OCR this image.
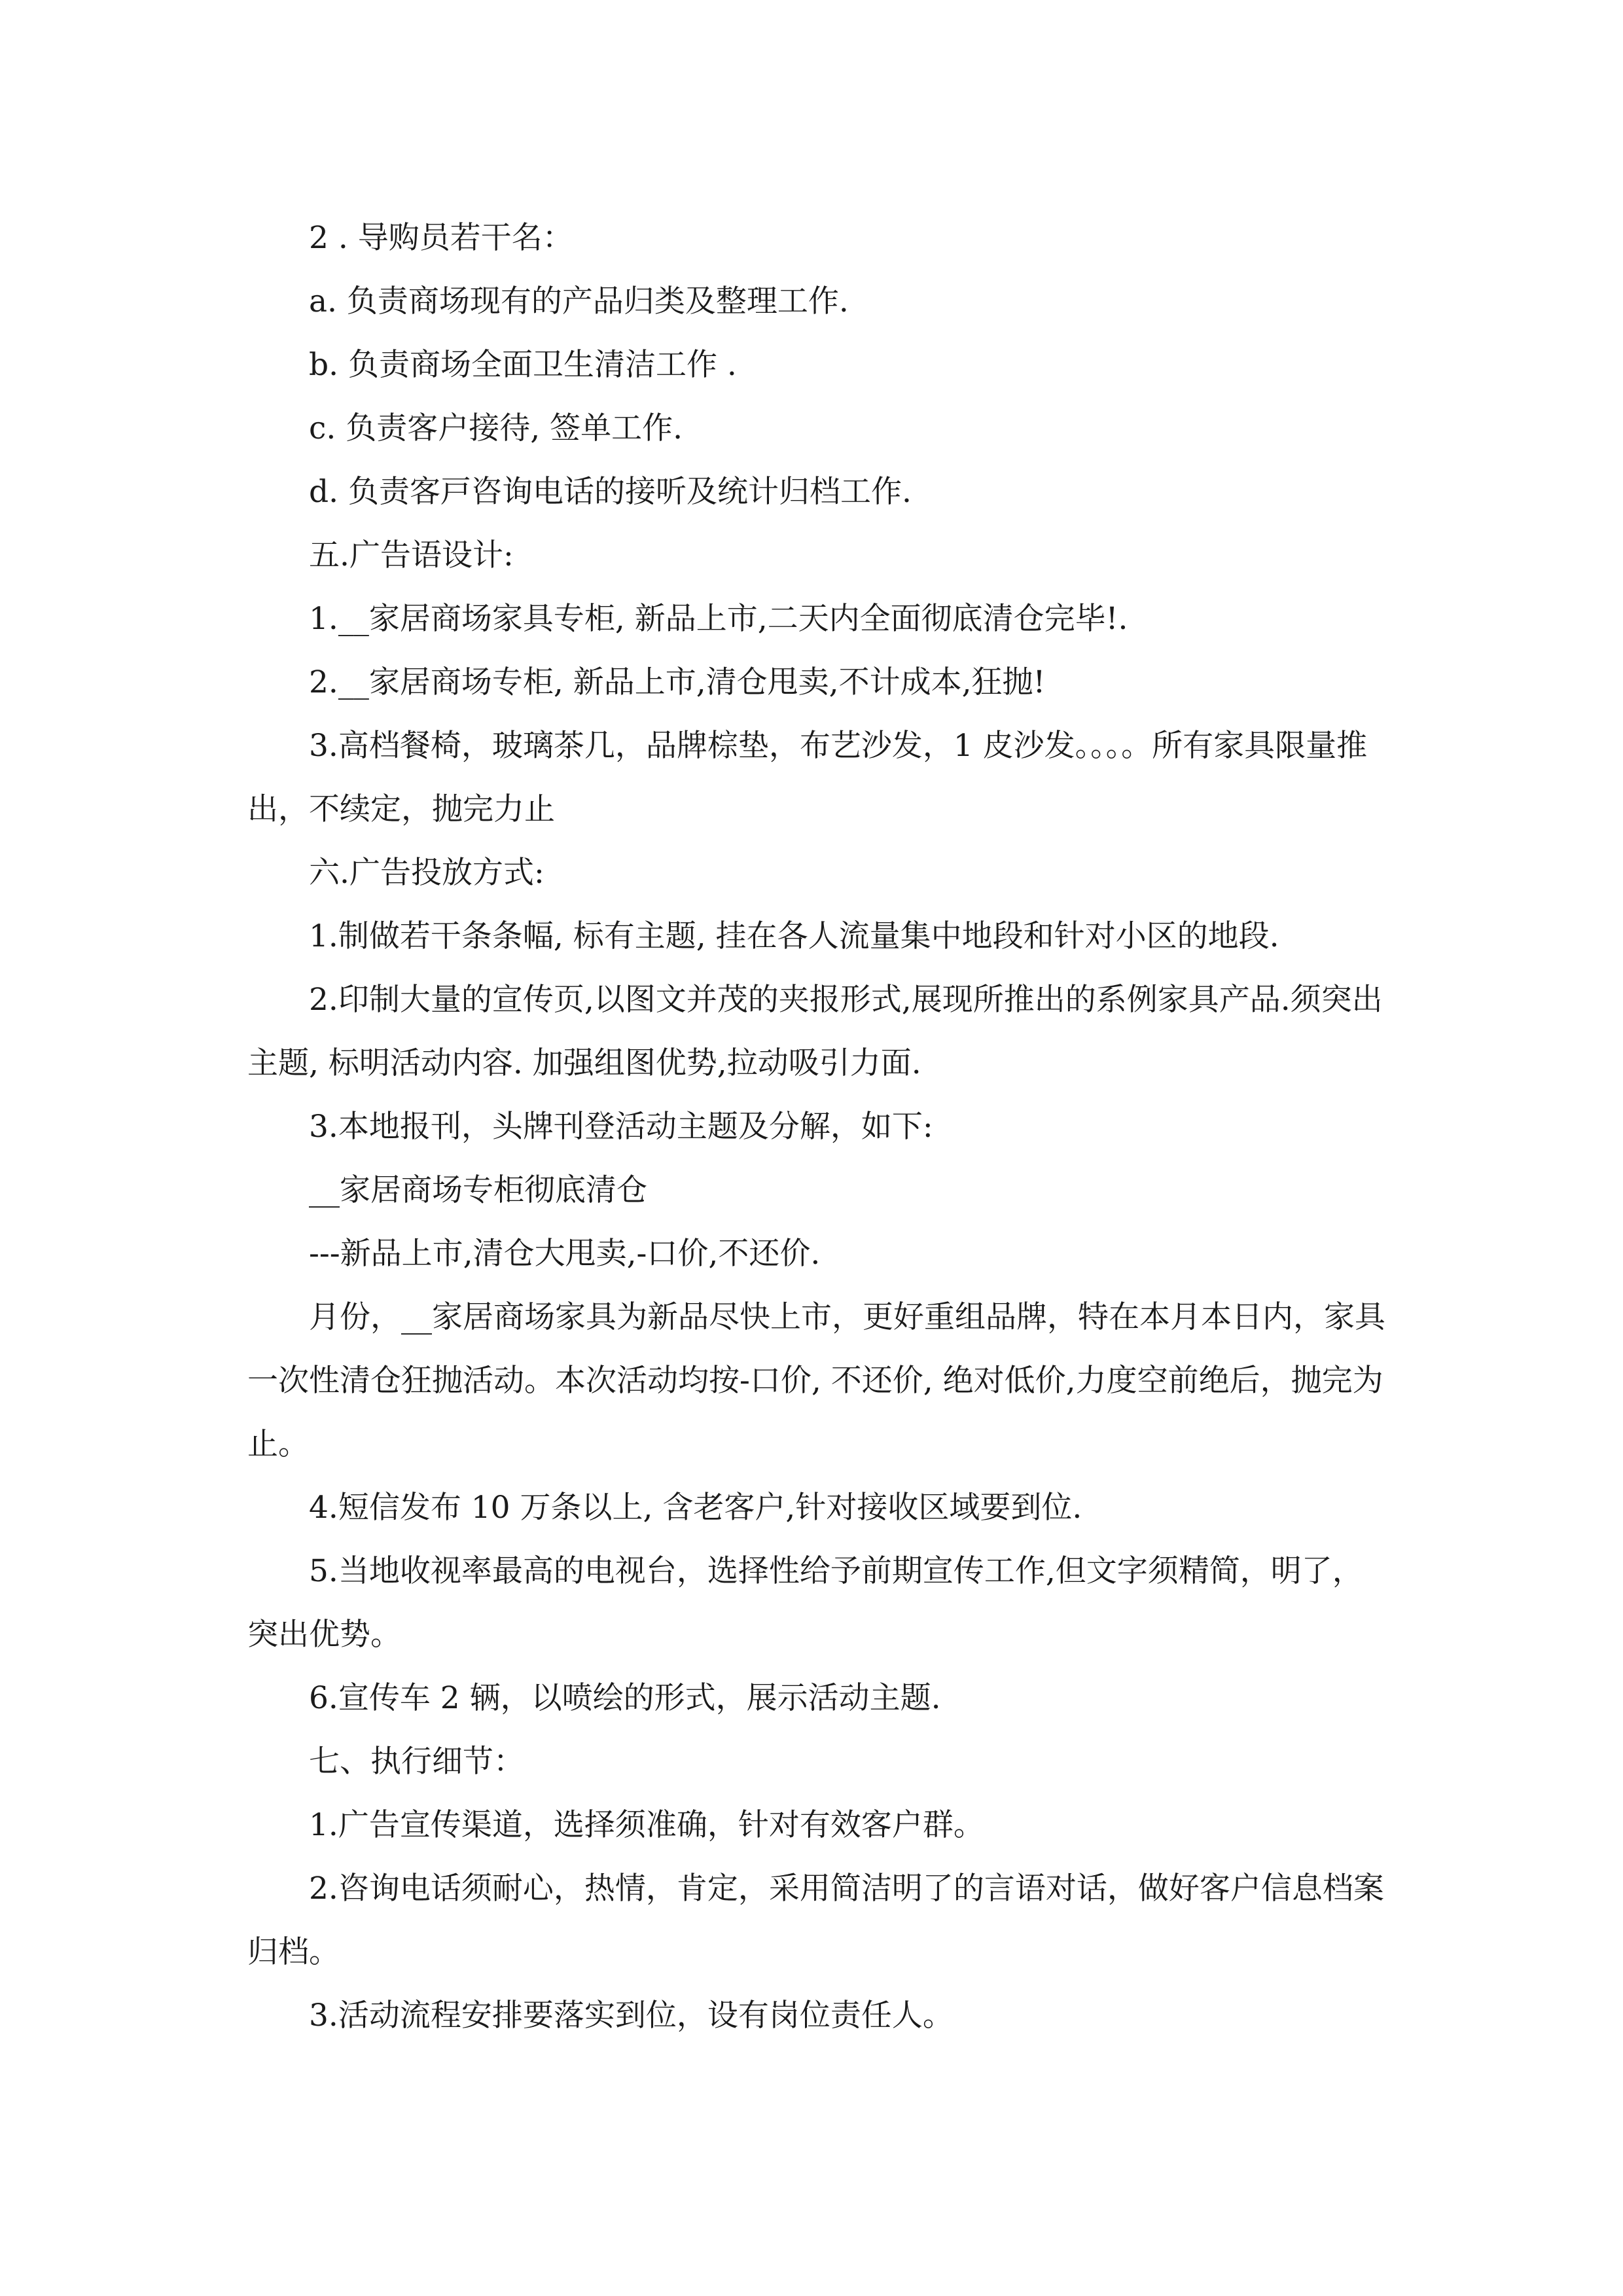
2 . 导购员若干名：

a. 负责商场现有的产品归类及整理工作.

b. 负责商场全面卫生清洁工作 .

c. 负责客户接待, 签单工作.

d. 负责客戸咨询电话的接听及统计归档工作.

五.广告语设计:

1.__家居商场家具专柜, 新品上市,二天内全面彻底清仓完毕!.

2.__家居商场专柜, 新品上市,清仓甩卖,不计成本,狂抛!

3.高档餐椅，玻璃茶几，品牌棕垫，布艺沙发，1 皮沙发。。。。所有家具限量推出，不续定，抛完力止

六.广告投放方式:

1.制做若干条条幅, 标有主题, 挂在各人流量集中地段和针对小区的地段.

2.印制大量的宣传页,以图文并茂的夹报形式,展现所推出的系例家具产品.须突出主题, 标明活动内容. 加强组图优势,拉动吸引力面.

3.本地报刊，头牌刊登活动主题及分解，如下:

__家居商场专柜彻底清仓

---新品上市,清仓大甩卖,-口价,不还价.

月份，__家居商场家具为新品尽快上市，更好重组品牌，特在本月本日内，家具一次性清仓狂抛活动。本次活动均按-口价, 不还价, 绝对低价,力度空前绝后，抛完为止。

4.短信发布 10 万条以上, 含老客户,针对接收区域要到位.

5.当地收视率最高的电视台，选择性给予前期宣传工作,但文字须精简，明了，突出优势。

6.宣传车 2 辆，以喷绘的形式，展示活动主题.

七、执行细节：

1.广告宣传渠道，选择须准确，针对有效客户群。

2.咨询电话须耐心，热情，肯定，采用简洁明了的言语对话，做好客户信息档案归档。

3.活动流程安排要落实到位，设有岗位责任人。
